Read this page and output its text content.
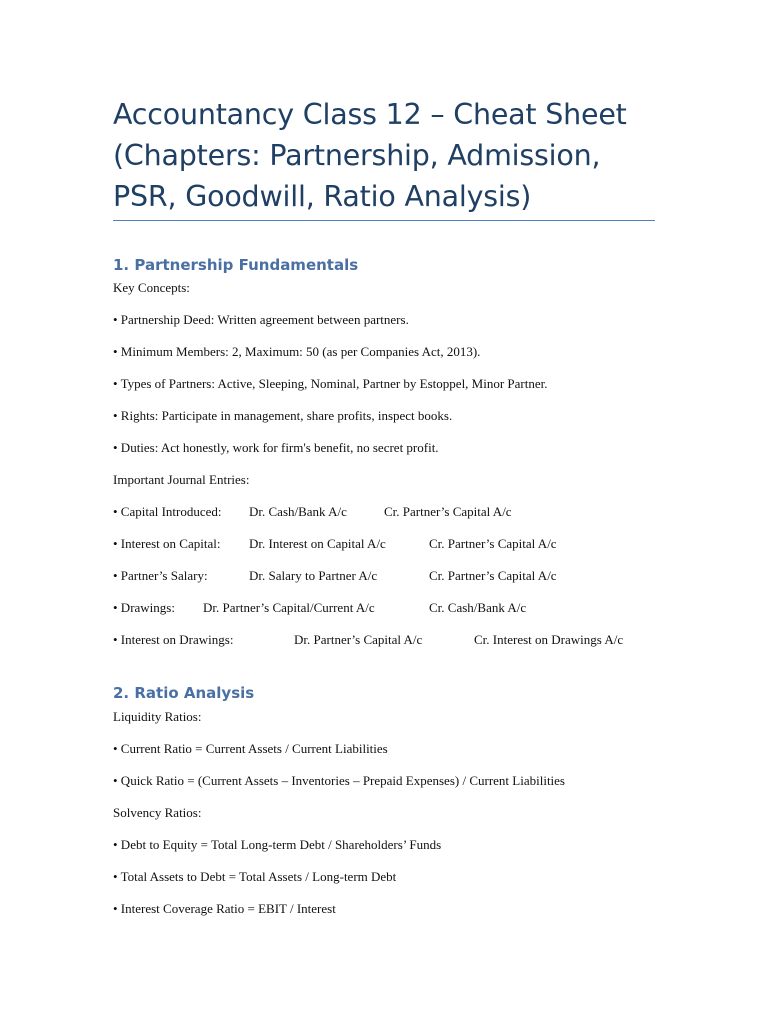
Accountancy Class 12 – Cheat Sheet (Chapters: Partnership, Admission, PSR, Goodwill, Ratio Analysis)
1. Partnership Fundamentals

Key Concepts:

• Partnership Deed: Written agreement between partners.

• Minimum Members: 2, Maximum: 50 (as per Companies Act, 2013).

• Types of Partners: Active, Sleeping, Nominal, Partner by Estoppel, Minor Partner.

• Rights: Participate in management, share profits, inspect books.

• Duties: Act honestly, work for firm's benefit, no secret profit.

Important Journal Entries:

• Capital Introduced: Dr. Cash/Bank A/c	Cr. Partner’s Capital A/c
• Interest on Capital: Dr. Interest on Capital A/c	Cr. Partner’s Capital A/c
• Partner’s Salary:	Dr. Salary to Partner A/c	Cr. Partner’s Capital A/c
• Drawings: Dr. Partner’s Capital/Current A/c	Cr. Cash/Bank A/c
• Interest on Drawings:	Dr. Partner’s Capital A/c	Cr. Interest on Drawings A/c
2. Ratio Analysis

Liquidity Ratios:

• Current Ratio = Current Assets / Current Liabilities

• Quick Ratio = (Current Assets – Inventories – Prepaid Expenses) / Current Liabilities

Solvency Ratios:

• Debt to Equity = Total Long-term Debt / Shareholders’ Funds

• Total Assets to Debt = Total Assets / Long-term Debt

• Interest Coverage Ratio = EBIT / Interest
